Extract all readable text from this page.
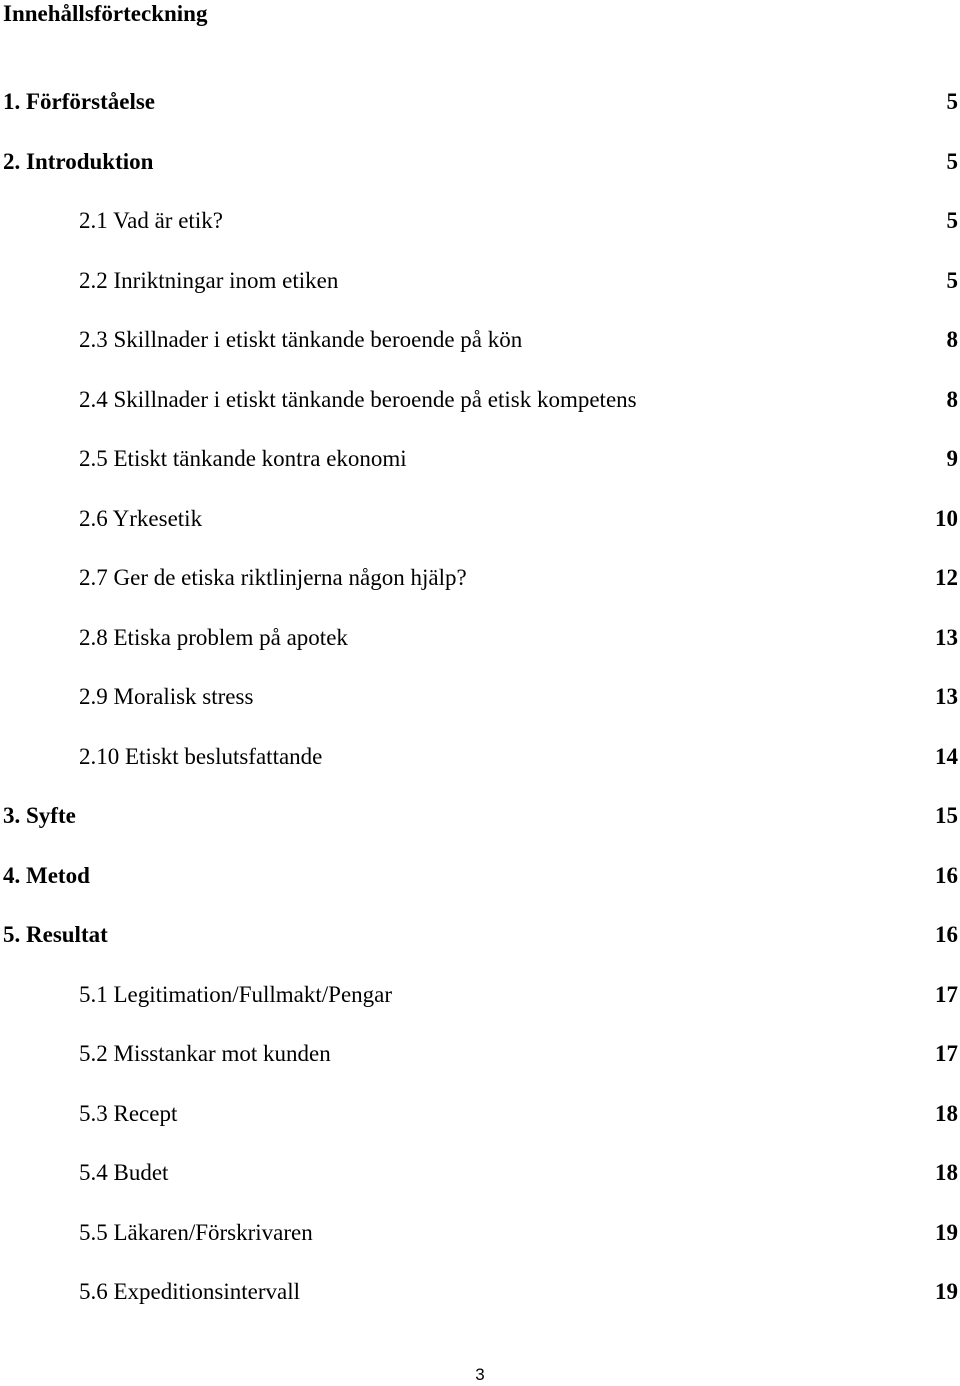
Innehållsförteckning
1. Förförståelse	5
2. Introduktion	5
2.1 Vad är etik?	5
2.2 Inriktningar inom etiken	5
2.3 Skillnader i etiskt tänkande beroende på kön	8
2.4 Skillnader i etiskt tänkande beroende på etisk kompetens	8
2.5 Etiskt tänkande kontra ekonomi	9
2.6 Yrkesetik	10
2.7 Ger de etiska riktlinjerna någon hjälp?	12
2.8 Etiska problem på apotek	13
2.9 Moralisk stress	13
2.10 Etiskt beslutsfattande	14
3. Syfte	15
4. Metod	16
5. Resultat	16
5.1 Legitimation/Fullmakt/Pengar	17
5.2 Misstankar mot kunden	17
5.3 Recept	18
5.4 Budet	18
5.5 Läkaren/Förskrivaren	19
5.6 Expeditionsintervall	19
3
